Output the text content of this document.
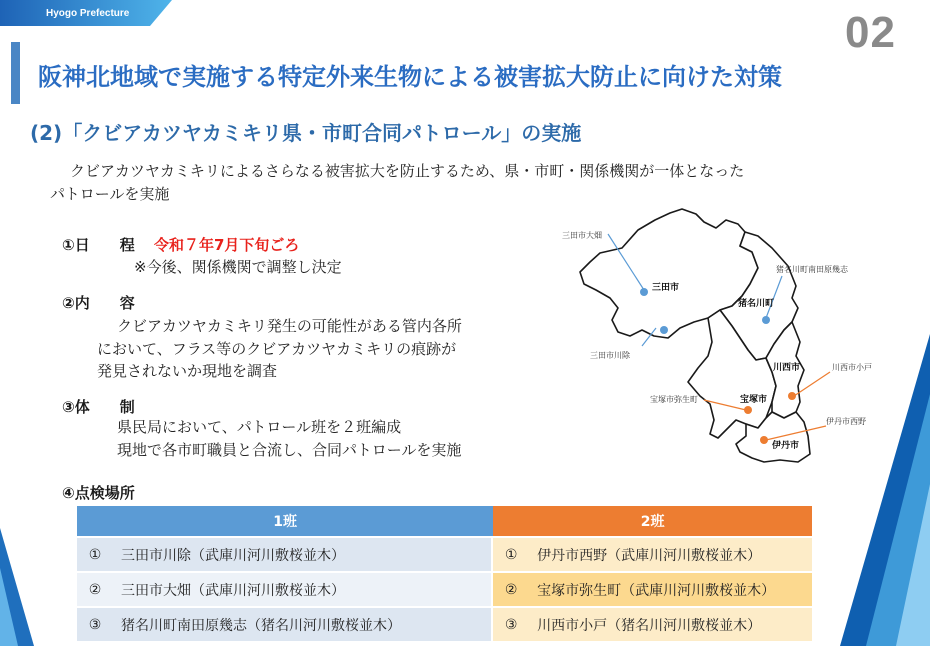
Hyogo Prefecture	02
阪神北地域で実施する特定外来生物による被害拡大防止に向けた対策
(2)「クビアカツヤカミキリ県・市町合同パトロール」の実施
クビアカツヤカミキリによるさらなる被害拡大を防止するため、県・市町・関係機関が一体となった
パトロールを実施
①日　　程 令和７年7月下旬ごろ
※今後、関係機関で調整し決定
②内　　容
クビアカツヤカミキリ発生の可能性がある管内各所
において、フラス等のクビアカツヤカミキリの痕跡が
発見されないか現地を調査
③体　　制
県民局において、パトロール班を２班編成
現地で各市町職員と合流し、合同パトロールを実施
④点検場所
三田市大畑
三田市川除
猪名川町南田原幾志
川西市小戸
宝塚市弥生町
伊丹市西野
三田市
猪名川町
川西市
宝塚市
伊丹市
1班		2班	
①	三田市川除（武庫川河川敷桜並木）	①	伊丹市西野（武庫川河川敷桜並木）
②	三田市大畑（武庫川河川敷桜並木）	②	宝塚市弥生町（武庫川河川敷桜並木）
③	猪名川町南田原幾志（猪名川河川敷桜並木）	③	川西市小戸（猪名川河川敷桜並木）
